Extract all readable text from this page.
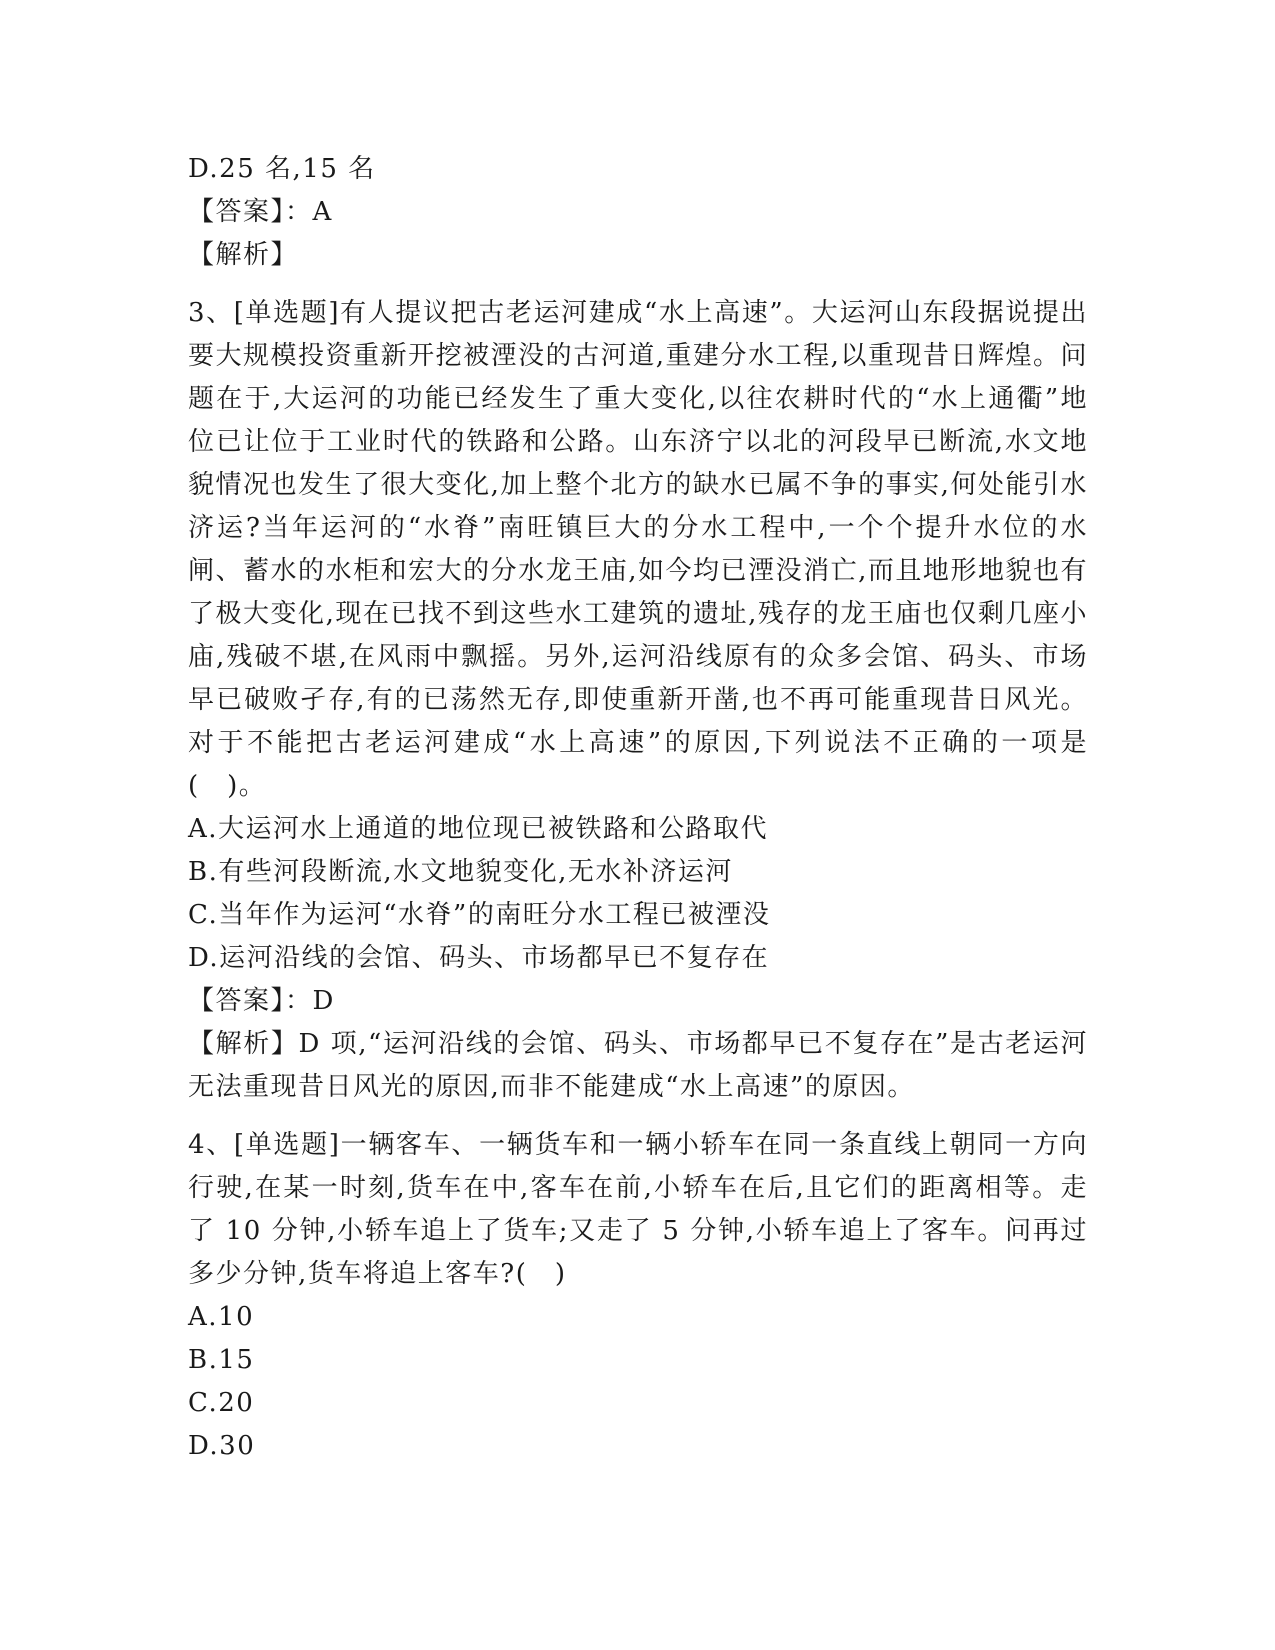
D.25 名,15 名
【答案】：A
【解析】
3、[单选题]有人提议把古老运河建成“水上高速”。大运河山东段据说提出要大规模投资重新开挖被湮没的古河道,重建分水工程,以重现昔日辉煌。问题在于,大运河的功能已经发生了重大变化,以往农耕时代的“水上通衢”地位已让位于工业时代的铁路和公路。山东济宁以北的河段早已断流,水文地貌情况也发生了很大变化,加上整个北方的缺水已属不争的事实,何处能引水济运?当年运河的“水脊”南旺镇巨大的分水工程中,一个个提升水位的水闸、蓄水的水柜和宏大的分水龙王庙,如今均已湮没消亡,而且地形地貌也有了极大变化,现在已找不到这些水工建筑的遗址,残存的龙王庙也仅剩几座小庙,残破不堪,在风雨中飘摇。另外,运河沿线原有的众多会馆、码头、市场早已破败孑存,有的已荡然无存,即使重新开凿,也不再可能重现昔日风光。对于不能把古老运河建成“水上高速”的原因,下列说法不正确的一项是(　)。
A.大运河水上通道的地位现已被铁路和公路取代
B.有些河段断流,水文地貌变化,无水补济运河
C.当年作为运河“水脊”的南旺分水工程已被湮没
D.运河沿线的会馆、码头、市场都早已不复存在
【答案】：D
【解析】D 项,“运河沿线的会馆、码头、市场都早已不复存在”是古老运河无法重现昔日风光的原因,而非不能建成“水上高速”的原因。
4、[单选题]一辆客车、一辆货车和一辆小轿车在同一条直线上朝同一方向行驶,在某一时刻,货车在中,客车在前,小轿车在后,且它们的距离相等。走了 10 分钟,小轿车追上了货车;又走了 5 分钟,小轿车追上了客车。问再过多少分钟,货车将追上客车?(　)
A.10
B.15
C.20
D.30
